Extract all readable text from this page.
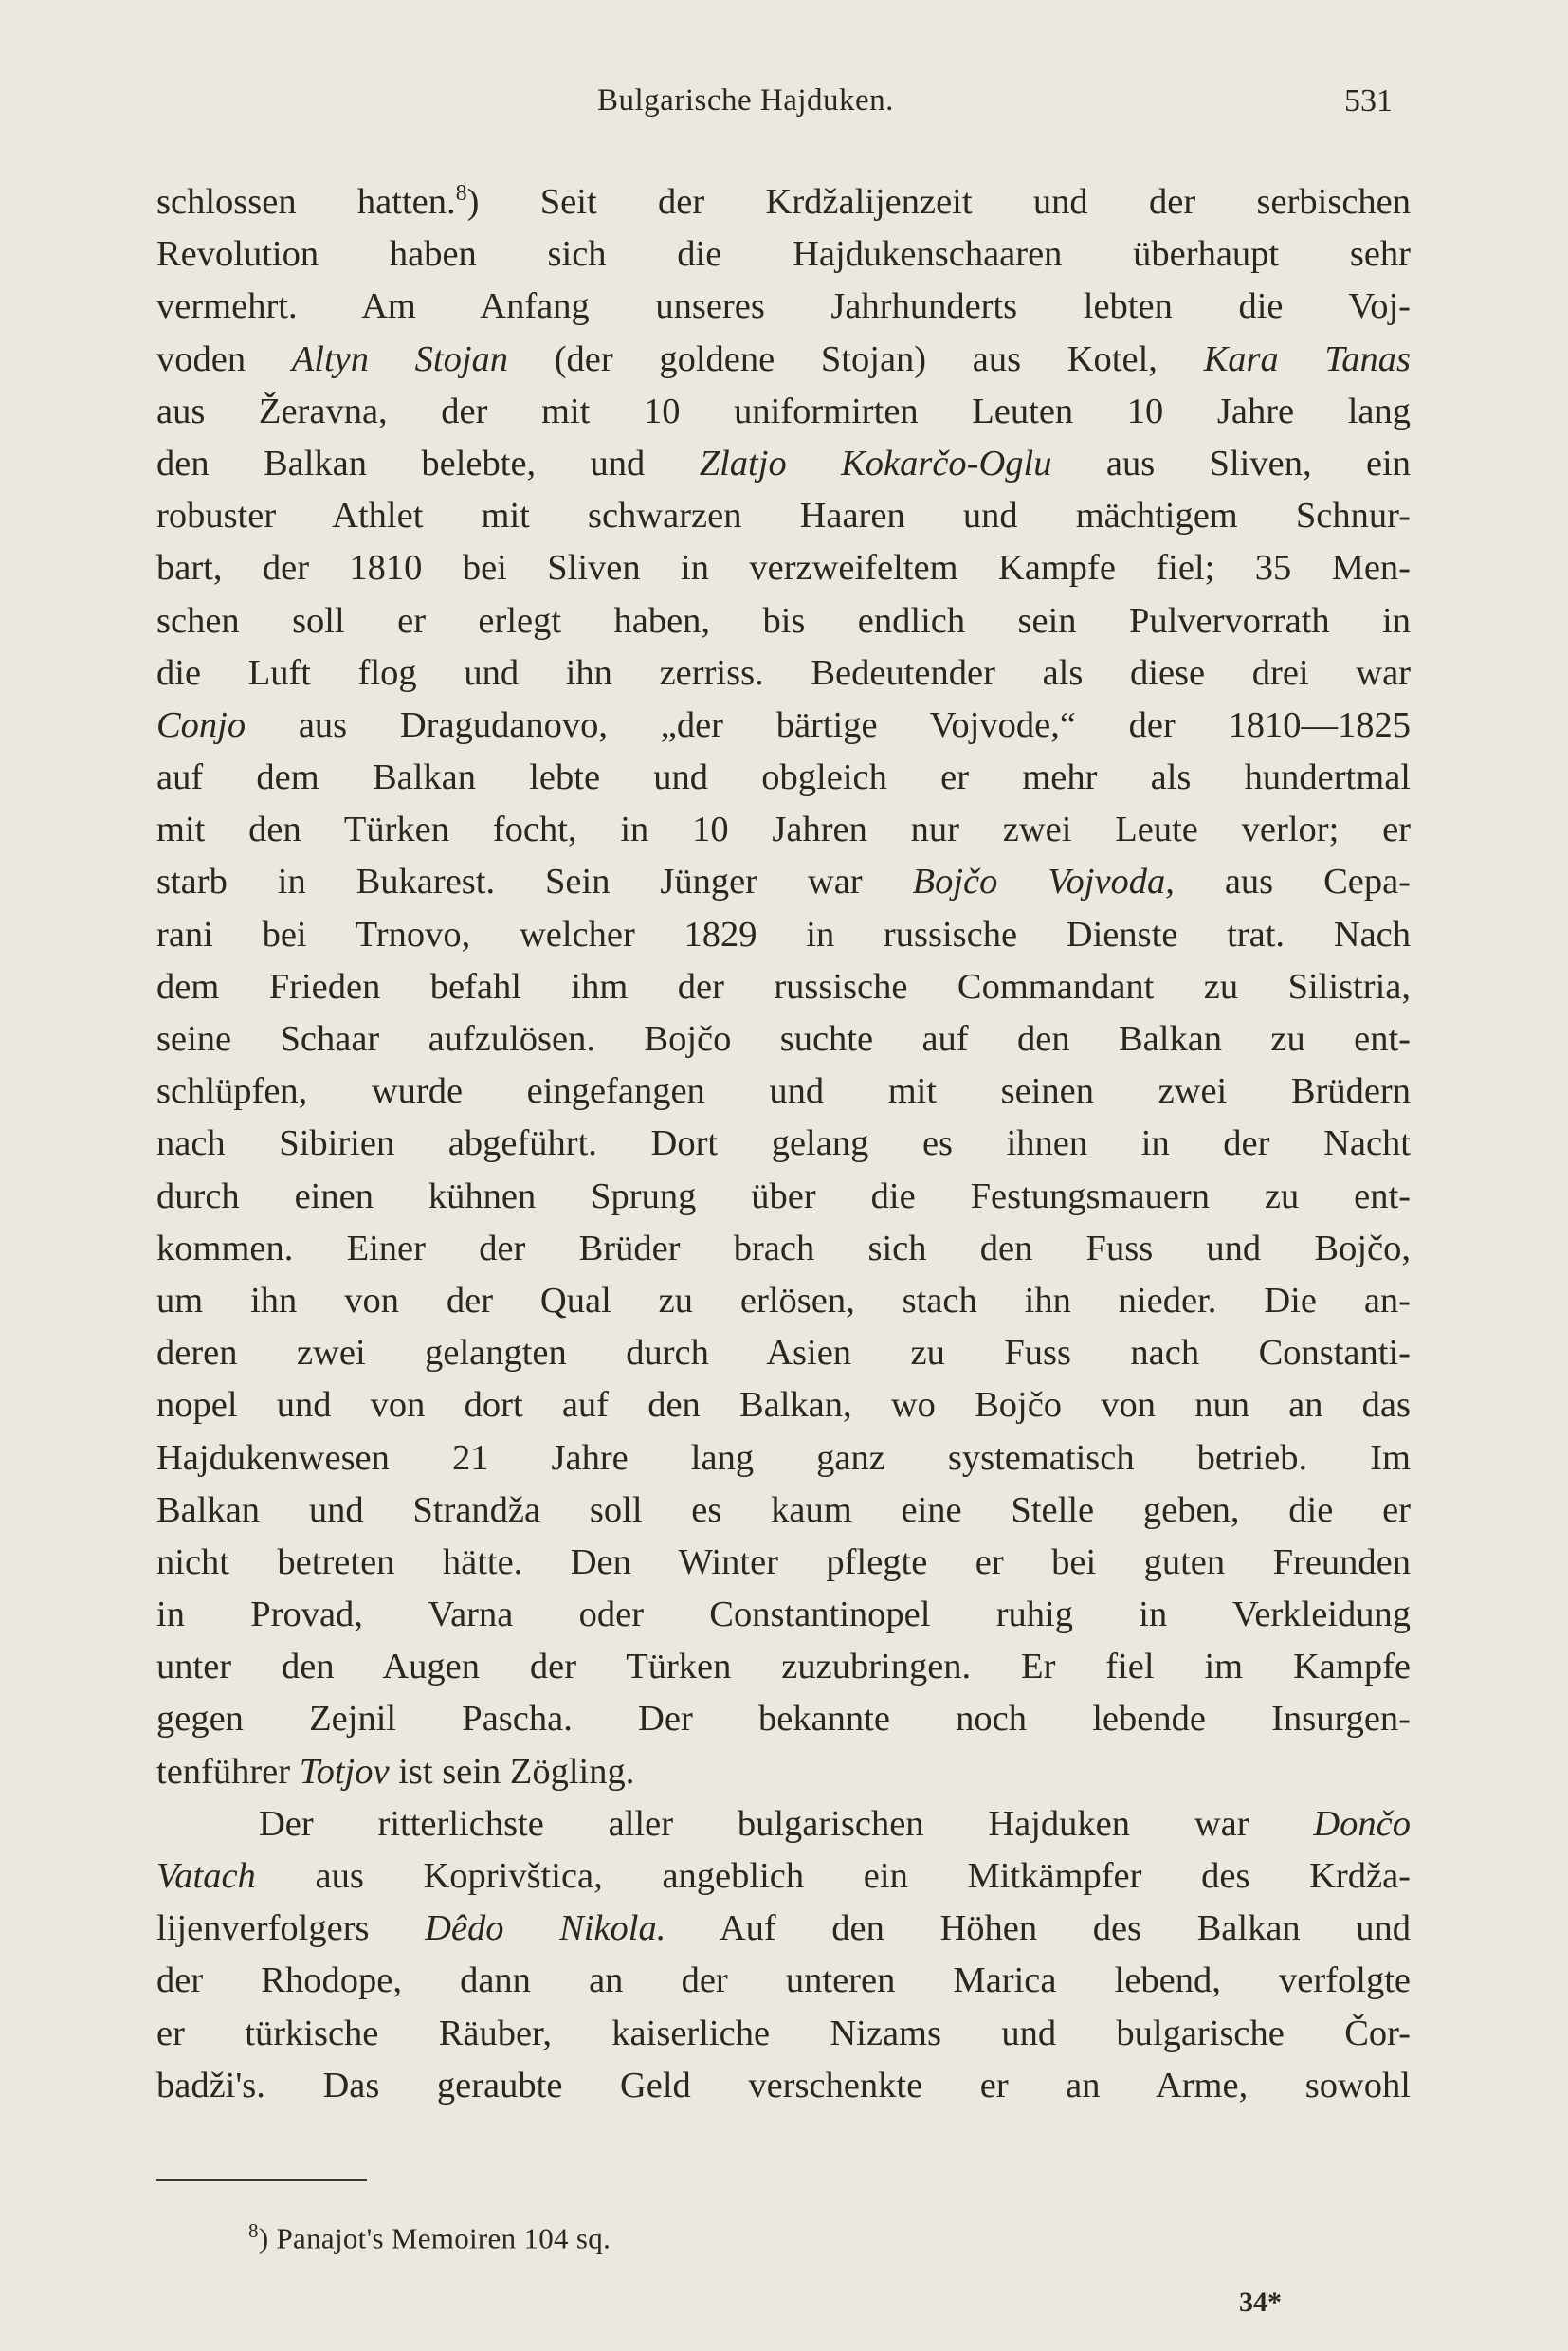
Bulgarische Hajduken.	531
schlossen hatten.$^8$) Seit der Krdžalijenzeit und der serbischen
Revolution haben sich die Hajdukenschaaren überhaupt sehr
vermehrt. Am Anfang unseres Jahrhunderts lebten die Voj-
voden Altyn Stojan (der goldene Stojan) aus Kotel, Kara Tanas
aus Žeravna, der mit 10 uniformirten Leuten 10 Jahre lang
den Balkan belebte, und Zlatjo Kokarčo-Oglu aus Sliven, ein
robuster Athlet mit schwarzen Haaren und mächtigem Schnur-
bart, der 1810 bei Sliven in verzweifeltem Kampfe fiel; 35 Men-
schen soll er erlegt haben, bis endlich sein Pulvervorrath in
die Luft flog und ihn zerriss. Bedeutender als diese drei war
Conjo aus Dragudanovo, „der bärtige Vojvode,“ der 1810—1825
auf dem Balkan lebte und obgleich er mehr als hundertmal
mit den Türken focht, in 10 Jahren nur zwei Leute verlor; er
starb in Bukarest. Sein Jünger war Bojčo Vojvoda, aus Cepa-
rani bei Trnovo, welcher 1829 in russische Dienste trat. Nach
dem Frieden befahl ihm der russische Commandant zu Silistria,
seine Schaar aufzulösen. Bojčo suchte auf den Balkan zu ent-
schlüpfen, wurde eingefangen und mit seinen zwei Brüdern
nach Sibirien abgeführt. Dort gelang es ihnen in der Nacht
durch einen kühnen Sprung über die Festungsmauern zu ent-
kommen. Einer der Brüder brach sich den Fuss und Bojčo,
um ihn von der Qual zu erlösen, stach ihn nieder. Die an-
deren zwei gelangten durch Asien zu Fuss nach Constanti-
nopel und von dort auf den Balkan, wo Bojčo von nun an das
Hajdukenwesen 21 Jahre lang ganz systematisch betrieb. Im
Balkan und Strandža soll es kaum eine Stelle geben, die er
nicht betreten hätte. Den Winter pflegte er bei guten Freunden
in Provad, Varna oder Constantinopel ruhig in Verkleidung
unter den Augen der Türken zuzubringen. Er fiel im Kampfe
gegen Zejnil Pascha. Der bekannte noch lebende Insurgen-
tenführer Totjov ist sein Zögling.
Der ritterlichste aller bulgarischen Hajduken war Dončo
Vatach aus Koprivštica, angeblich ein Mitkämpfer des Krdža-
lijenverfolgers Dêdo Nikola. Auf den Höhen des Balkan und
der Rhodope, dann an der unteren Marica lebend, verfolgte
er türkische Räuber, kaiserliche Nizams und bulgarische Čor-
badži's. Das geraubte Geld verschenkte er an Arme, sowohl
$^8$) Panajot's Memoiren 104 sq.
34*
